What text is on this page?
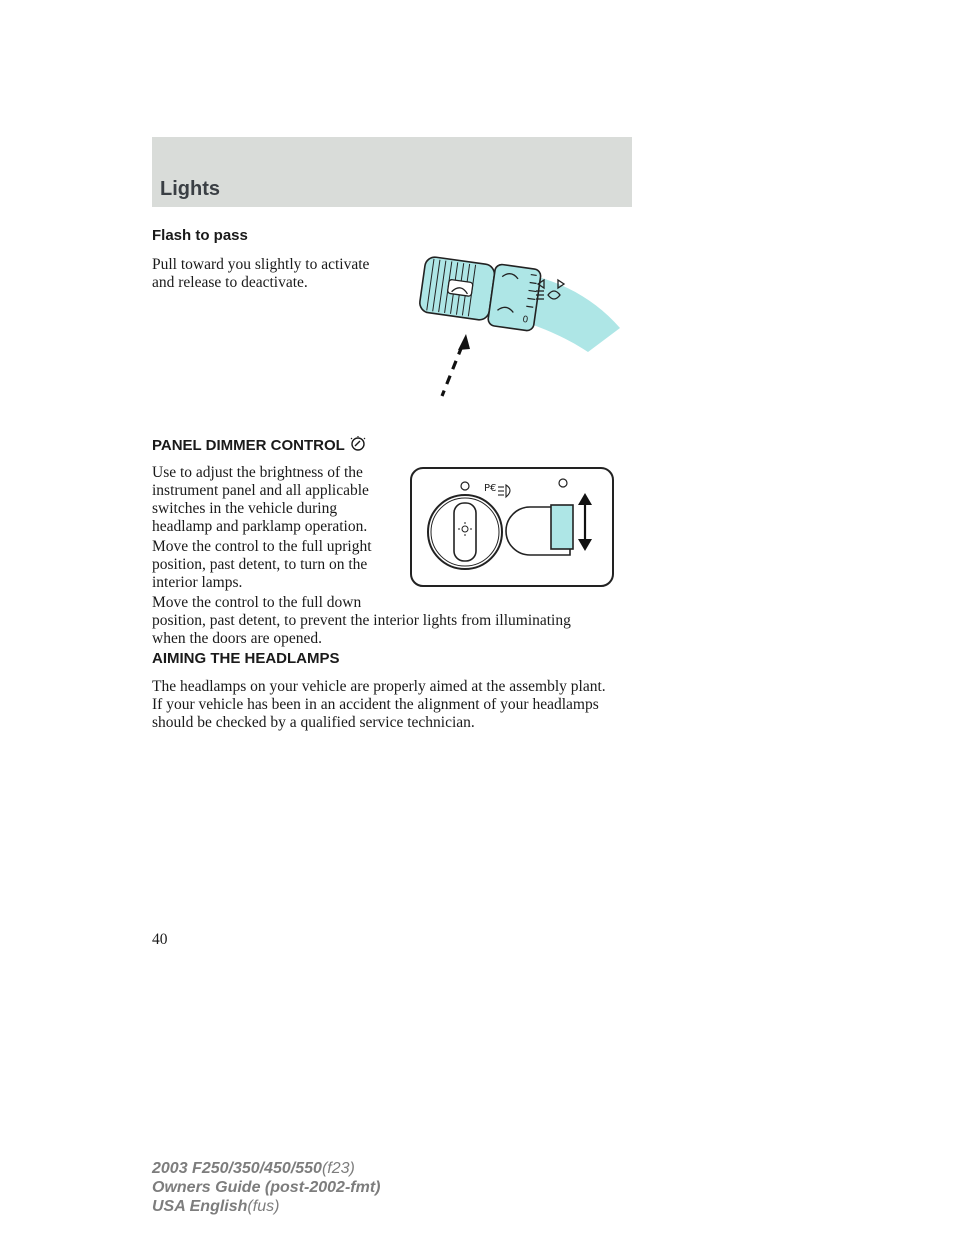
Lights
Flash to pass

Pull toward you slightly to activate
and release to deactivate.

0
PANEL DIMMER CONTROL

Use to adjust the brightness of the
instrument panel and all applicable
switches in the vehicle during
headlamp and parklamp operation.

Move the control to the full upright
position, past detent, to turn on the
interior lamps.

Move the control to the full down
position, past detent, to prevent the interior lights from illuminating
when the doors are opened.

P€
AIMING THE HEADLAMPS

The headlamps on your vehicle are properly aimed at the assembly plant.
If your vehicle has been in an accident the alignment of your headlamps
should be checked by a qualified service technician.

40

2003 F250/350/450/550(f23)
Owners Guide (post-2002-fmt)
USA English(fus)
